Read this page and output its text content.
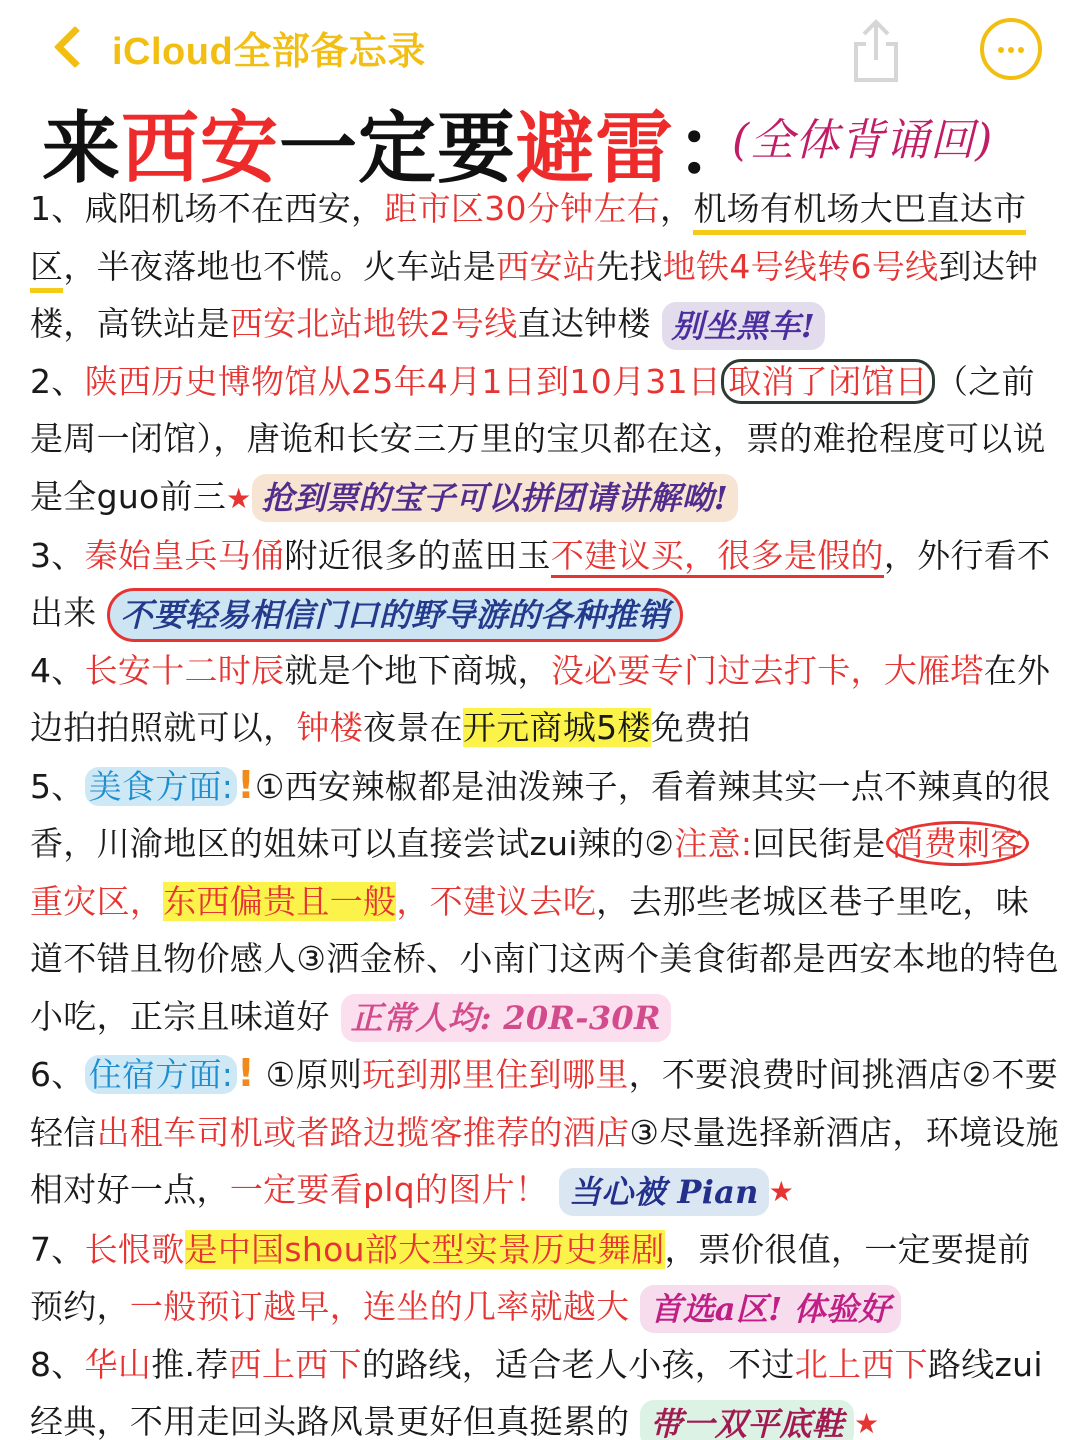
iCloud全部备忘录
来 西安 一定要 避雷 ：
(全体背诵回)

1、咸阳机场不在西安，距市区30分钟左右，机场有机场大巴直达市区，半夜落地也不慌。火车站是西安站先找地铁4号线转6号线到达钟楼，高铁站是西安北站地铁2号线直达钟楼 别坐黑车!

2、陕西历史博物馆从25年4月1日到10月31日 取消了闭馆日 （之前是周一闭馆），唐诡和长安三万里的宝贝都在这，票的难抢程度可以说是全guo前三★ 抢到票的宝子可以拼团请讲解呦!

3、秦始皇兵马俑附近很多的蓝田玉不建议买，很多是假的，外行看不出来 不要轻易相信门口的野导游的各种推销

4、长安十二时辰就是个地下商城，没必要专门过去打卡，大雁塔在外边拍拍照就可以，钟楼夜景在开元商城5楼免费拍

5、 美食方面: !①西安辣椒都是油泼辣子，看着辣其实一点不辣真的很香，川渝地区的姐妹可以直接尝试zui辣的②注意:回民街是 消费刺客重灾区，东西偏贵且一般，不建议去吃，去那些老城区巷子里吃，味道不错且物价感人③洒金桥、小南门这两个美食街都是西安本地的特色小吃，正宗且味道好 正常人均: 20R-30R

6、 住宿方面: ! ①原则玩到那里住到哪里，不要浪费时间挑酒店②不要轻信出租车司机或者路边揽客推荐的酒店③尽量选择新酒店，环境设施相对好一点，一定要看plq的图片！ 当心被 Pian ★

7、长恨歌是中国shou部大型实景历史舞剧，票价很值，一定要提前预约，一般预订越早，连坐的几率就越大 首选a区! 体验好

8、华山推.荐西上西下的路线，适合老人小孩，不过北上西下路线zui经典，不用走回头路风景更好但真挺累的 带一双平底鞋 ★
